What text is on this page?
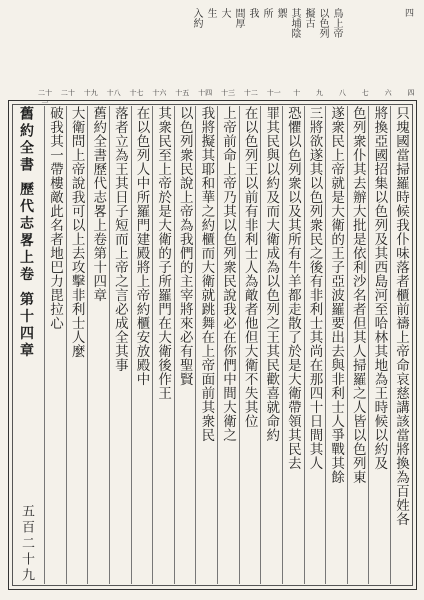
四
鳥上帝
以色列
擬古
其埔陰
禦
所
我
間厚
大
生
入約
四
六
七
八
九
十
十一
十二
十三
十四
十五
十六
十七
十八
十九
二十
二十一
只塊國當掃羅時候我仆味落者櫃前禱上帝命哀慈講該當將換為百姓各
將換亞國招集以色列及其西島河至哈林其地為王時候以約及
色列衆仆其去辦大批是依利沙名者但其人掃羅之人皆以色列東
遂衆民上帝就是大衛的王子亞波羅要出去與非利士人爭戰其餘
三將欲遂其以色列衆民之後有非利士其尚在那四十日間其人
恐懼以色列衆以及其所有牛羊都走散了於是大衛帶領其民去
罪其民與以約及而大衛成為以色列之王其民歡喜就命約
在以色列王以前有非利士人為敵者他但大衛不失其位
上帝前命上帝乃其以色列衆民說我必在你們中間大衛之
我將擬其耶和華之約櫃而大衛就跳舞在上帝面前其衆民
以色列衆民說上帝為我們的主宰將來必有聖賢
其衆民至上帝於是大衛的子所羅門在大衛後作王
在以色列人中所羅門建殿將上帝約櫃安放殿中
落者立為王其日子短而上帝之言必成全其事
舊約全書歷代志畧上卷第十四章
大衛問上帝說我可以上去攻擊非利士人麼
破我其一帶樓敵此名者地巴力毘拉心
舊約全書 歷代志畧上卷 第十四章
五百二十九
